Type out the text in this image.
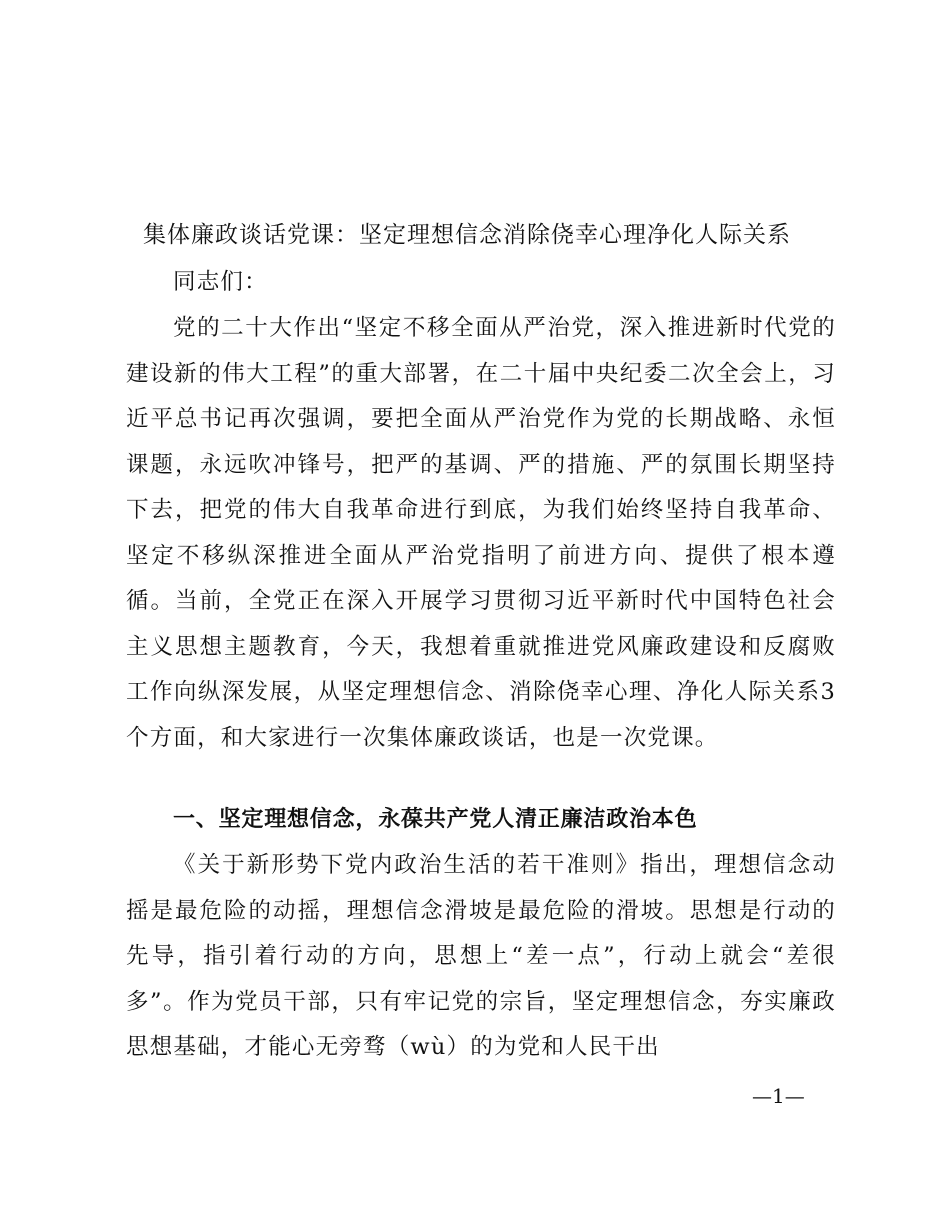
集体廉政谈话党课：坚定理想信念消除侥幸心理净化人际关系

同志们：

党的二十大作出“坚定不移全面从严治党，深入推进新时代党的建设新的伟大工程”的重大部署，在二十届中央纪委二次全会上，习近平总书记再次强调，要把全面从严治党作为党的长期战略、永恒课题，永远吹冲锋号，把严的基调、严的措施、严的氛围长期坚持下去，把党的伟大自我革命进行到底，为我们始终坚持自我革命、坚定不移纵深推进全面从严治党指明了前进方向、提供了根本遵循。当前，全党正在深入开展学习贯彻习近平新时代中国特色社会主义思想主题教育，今天，我想着重就推进党风廉政建设和反腐败工作向纵深发展，从坚定理想信念、消除侥幸心理、净化人际关系3个方面，和大家进行一次集体廉政谈话，也是一次党课。

一、坚定理想信念，永葆共产党人清正廉洁政治本色

《关于新形势下党内政治生活的若干准则》指出，理想信念动摇是最危险的动摇，理想信念滑坡是最危险的滑坡。思想是行动的先导，指引着行动的方向，思想上“差一点”，行动上就会“差很多”。作为党员干部，只有牢记党的宗旨，坚定理想信念，夯实廉政思想基础，才能心无旁骛（wù）的为党和人民干出

—1—
